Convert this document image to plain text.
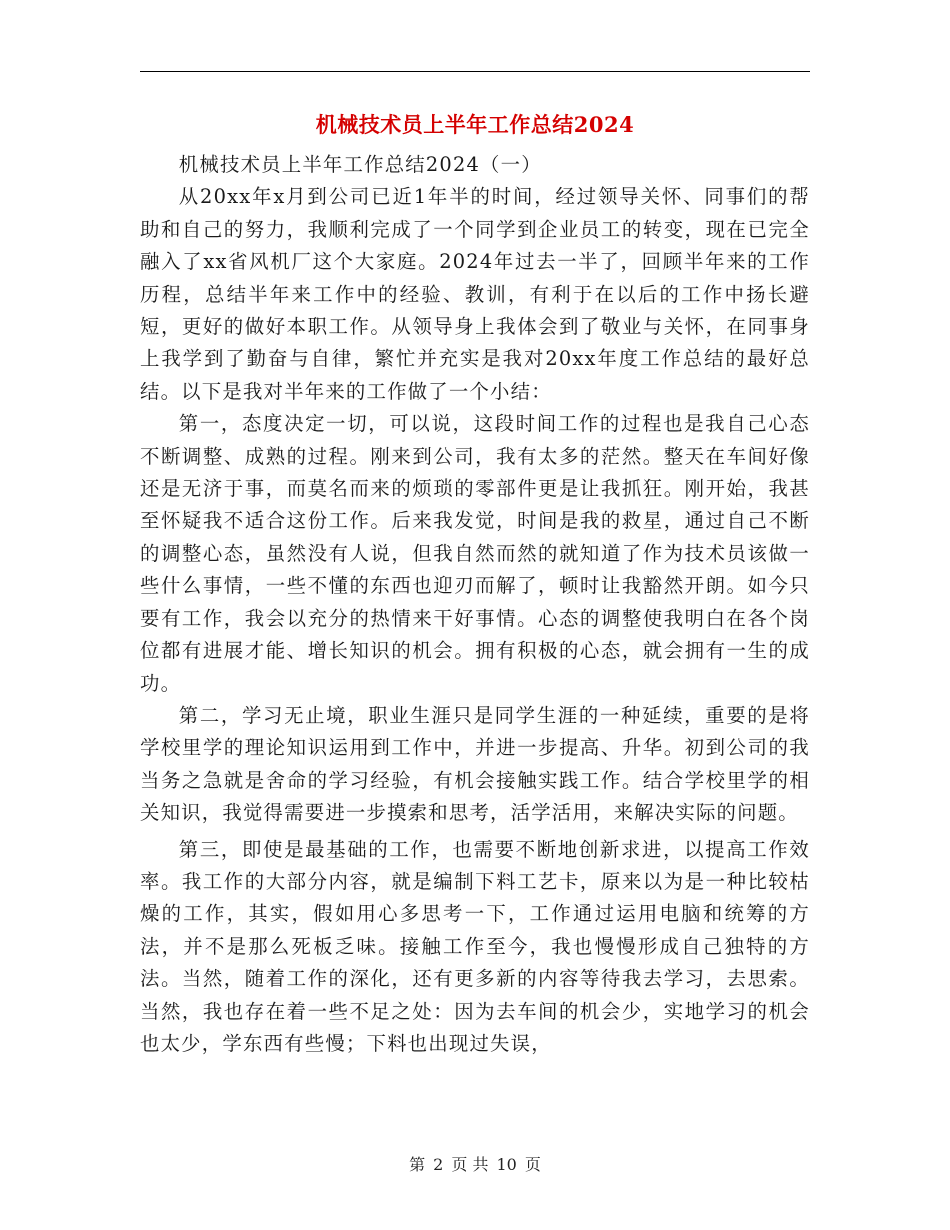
机械技术员上半年工作总结2024

机械技术员上半年工作总结2024（一）

从20xx年x月到公司已近1年半的时间，经过领导关怀、同事们的帮助和自己的努力，我顺利完成了一个同学到企业员工的转变，现在已完全融入了xx省风机厂这个大家庭。2024年过去一半了，回顾半年来的工作历程，总结半年来工作中的经验、教训，有利于在以后的工作中扬长避短，更好的做好本职工作。从领导身上我体会到了敬业与关怀，在同事身上我学到了勤奋与自律，繁忙并充实是我对20xx年度工作总结的最好总结。以下是我对半年来的工作做了一个小结：

第一，态度决定一切，可以说，这段时间工作的过程也是我自己心态不断调整、成熟的过程。刚来到公司，我有太多的茫然。整天在车间好像还是无济于事，而莫名而来的烦琐的零部件更是让我抓狂。刚开始，我甚至怀疑我不适合这份工作。后来我发觉，时间是我的救星，通过自己不断的调整心态，虽然没有人说，但我自然而然的就知道了作为技术员该做一些什么事情，一些不懂的东西也迎刃而解了，顿时让我豁然开朗。如今只要有工作，我会以充分的热情来干好事情。心态的调整使我明白在各个岗位都有进展才能、增长知识的机会。拥有积极的心态，就会拥有一生的成功。

第二，学习无止境，职业生涯只是同学生涯的一种延续，重要的是将学校里学的理论知识运用到工作中，并进一步提高、升华。初到公司的我当务之急就是舍命的学习经验，有机会接触实践工作。结合学校里学的相关知识，我觉得需要进一步摸索和思考，活学活用，来解决实际的问题。

第三，即使是最基础的工作，也需要不断地创新求进，以提高工作效率。我工作的大部分内容，就是编制下料工艺卡，原来以为是一种比较枯燥的工作，其实，假如用心多思考一下，工作通过运用电脑和统筹的方法，并不是那么死板乏味。接触工作至今，我也慢慢形成自己独特的方法。当然，随着工作的深化，还有更多新的内容等待我去学习，去思索。 当然，我也存在着一些不足之处：因为去车间的机会少，实地学习的机会也太少，学东西有些慢；下料也出现过失误，

第 2 页 共 10 页
